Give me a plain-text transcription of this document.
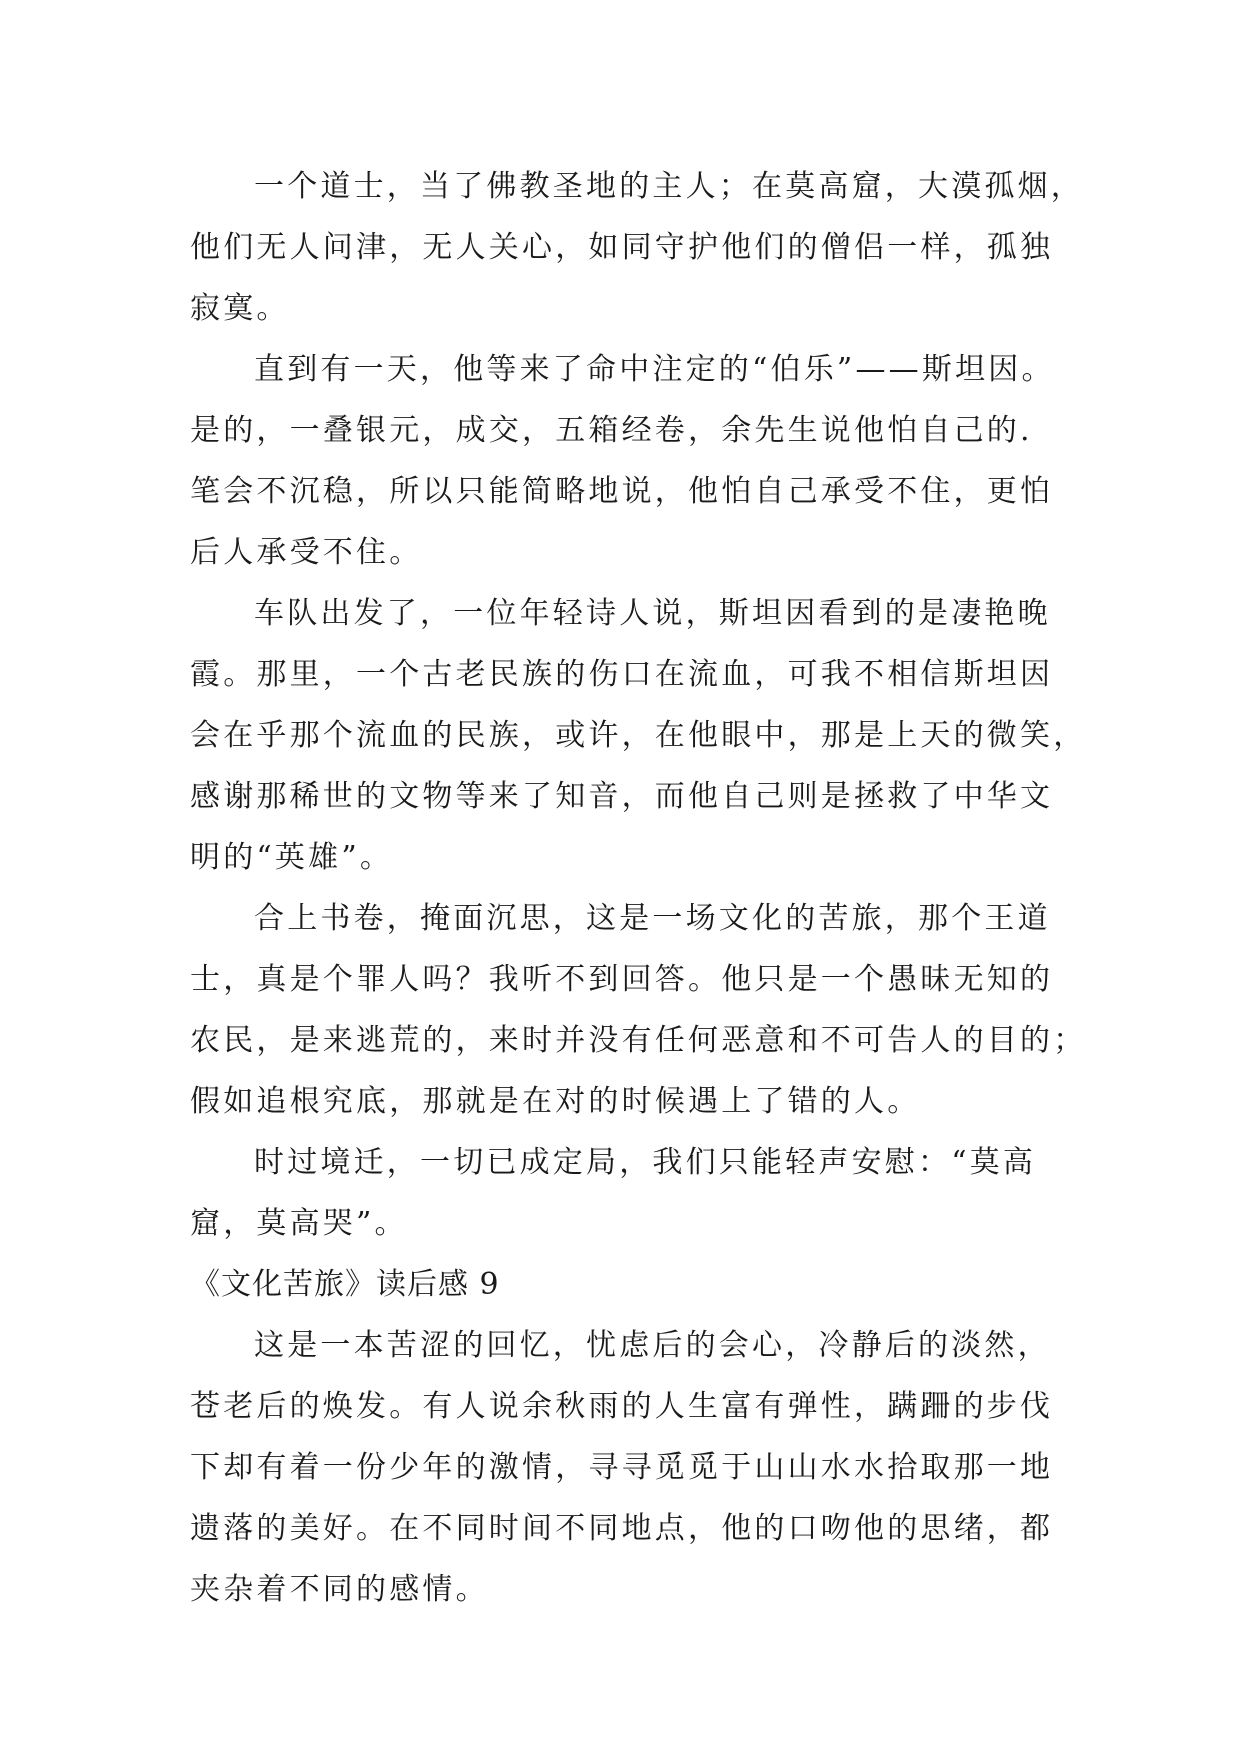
一个道士，当了佛教圣地的主人；在莫高窟，大漠孤烟，
他们无人问津，无人关心，如同守护他们的僧侣一样，孤独
寂寞。
直到有一天，他等来了命中注定的“伯乐”——斯坦因。
是的，一叠银元，成交，五箱经卷，余先生说他怕自己的.
笔会不沉稳，所以只能简略地说，他怕自己承受不住，更怕
后人承受不住。
车队出发了，一位年轻诗人说，斯坦因看到的是凄艳晚
霞。那里，一个古老民族的伤口在流血，可我不相信斯坦因
会在乎那个流血的民族，或许，在他眼中，那是上天的微笑，
感谢那稀世的文物等来了知音，而他自己则是拯救了中华文
明的“英雄”。
合上书卷，掩面沉思，这是一场文化的苦旅，那个王道
士，真是个罪人吗？我听不到回答。他只是一个愚昧无知的
农民，是来逃荒的，来时并没有任何恶意和不可告人的目的；
假如追根究底，那就是在对的时候遇上了错的人。
时过境迁，一切已成定局，我们只能轻声安慰：“莫高
窟，莫高哭”。
《文化苦旅》读后感 9
这是一本苦涩的回忆，忧虑后的会心，冷静后的淡然，
苍老后的焕发。有人说余秋雨的人生富有弹性，蹒跚的步伐
下却有着一份少年的激情，寻寻觅觅于山山水水拾取那一地
遗落的美好。在不同时间不同地点，他的口吻他的思绪，都
夹杂着不同的感情。
